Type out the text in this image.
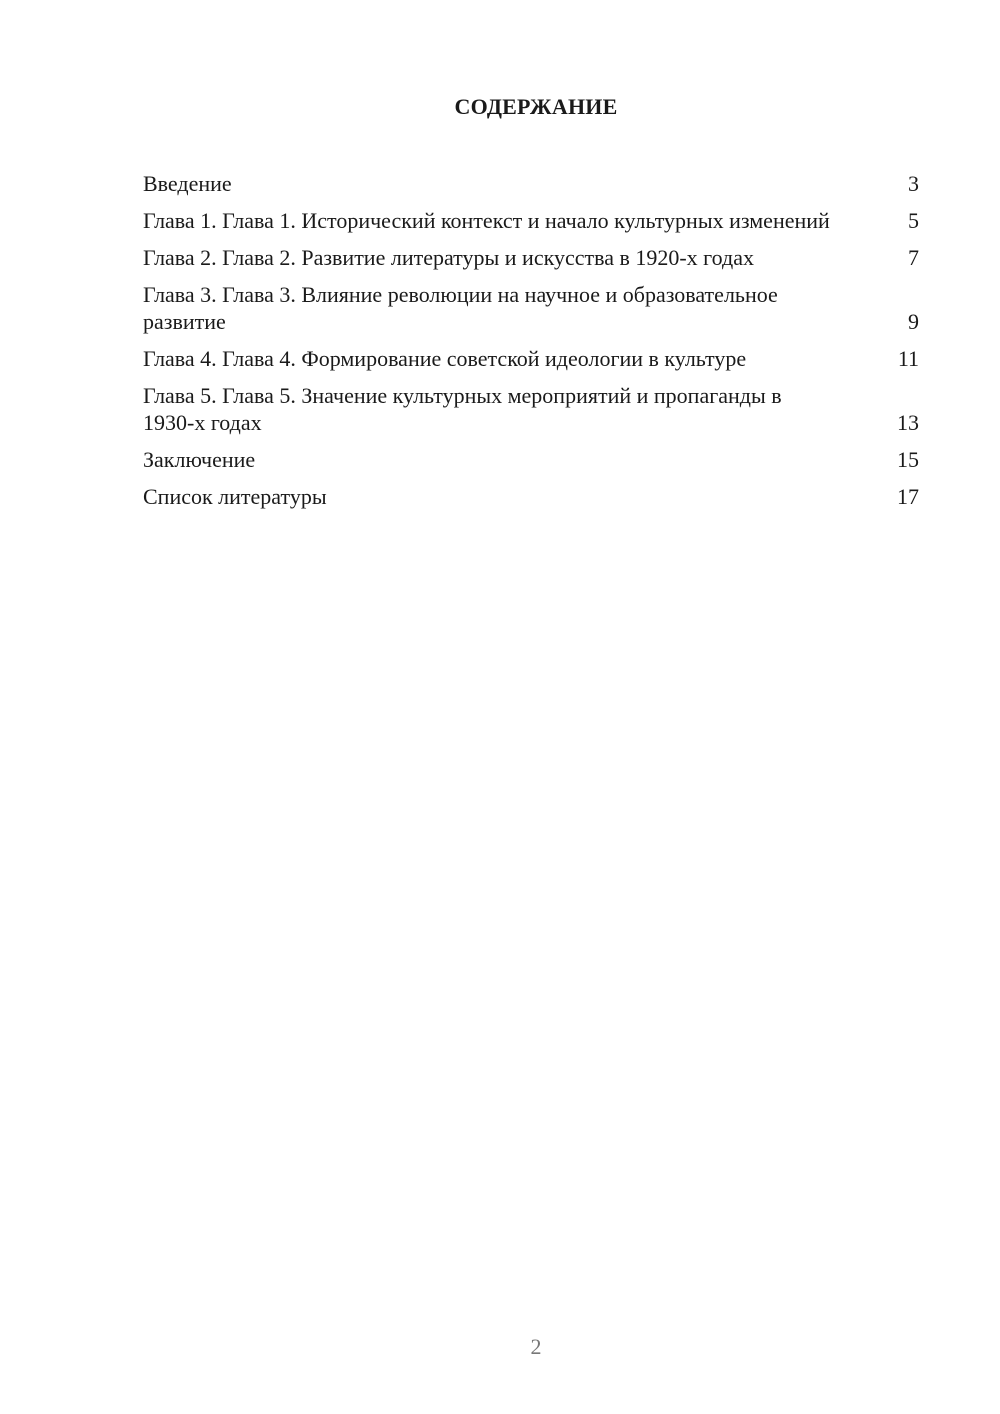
СОДЕРЖАНИЕ
Введение	3
Глава 1. Глава 1. Исторический контекст и начало культурных изменений	5
Глава 2. Глава 2. Развитие литературы и искусства в 1920-х годах	7
Глава 3. Глава 3. Влияние революции на научное и образовательное развитие	9
Глава 4. Глава 4. Формирование советской идеологии в культуре	11
Глава 5. Глава 5. Значение культурных мероприятий и пропаганды в 1930-х годах	13
Заключение	15
Список литературы	17
2
